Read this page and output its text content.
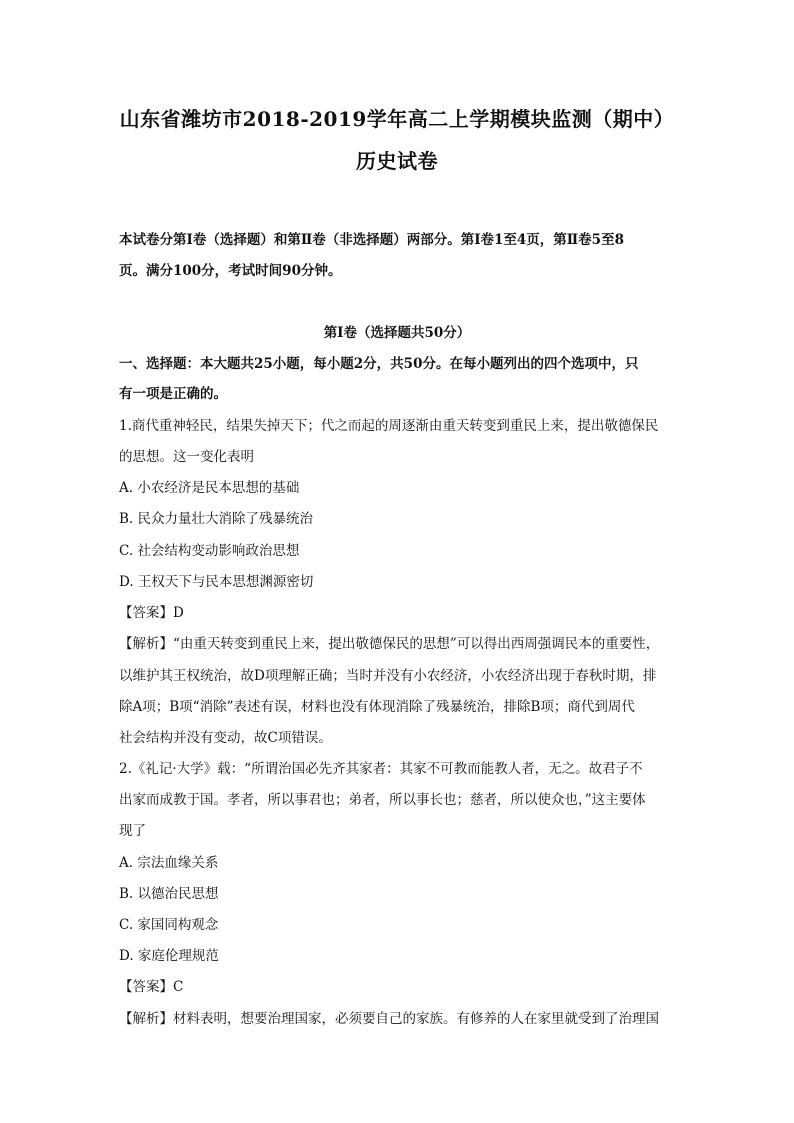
山东省潍坊市2018-2019学年高二上学期模块监测（期中）
历史试卷
本试卷分第Ⅰ卷（选择题）和第Ⅱ卷（非选择题）两部分。第Ⅰ卷1至4页，第Ⅱ卷5至8
页。满分100分，考试时间90分钟。
第Ⅰ卷（选择题共50分）
一、选择题：本大题共25小题，每小题2分，共50分。在每小题列出的四个选项中，只
有一项是正确的。
1.商代重神轻民，结果失掉天下；代之而起的周逐渐由重天转变到重民上来，提出敬德保民
的思想。这一变化表明
A. 小农经济是民本思想的基础
B. 民众力量壮大消除了残暴统治
C. 社会结构变动影响政治思想
D. 王权天下与民本思想渊源密切
【答案】D
【解析】“由重天转变到重民上来，提出敬德保民的思想”可以得出西周强调民本的重要性，
以维护其王权统治，故D项理解正确；当时并没有小农经济，小农经济出现于春秋时期，排
除A项；B项“消除”表述有误，材料也没有体现消除了残暴统治，排除B项；商代到周代
社会结构并没有变动，故C项错误。
2.《礼记·大学》载：“所谓治国必先齐其家者：其家不可教而能教人者，无之。故君子不
出家而成教于国。孝者，所以事君也；弟者，所以事长也；慈者，所以使众也，”这主要体
现了
A. 宗法血缘关系
B. 以德治民思想
C. 家国同构观念
D. 家庭伦理规范
【答案】C
【解析】材料表明，想要治理国家，必须要自己的家族。有修养的人在家里就受到了治理国
